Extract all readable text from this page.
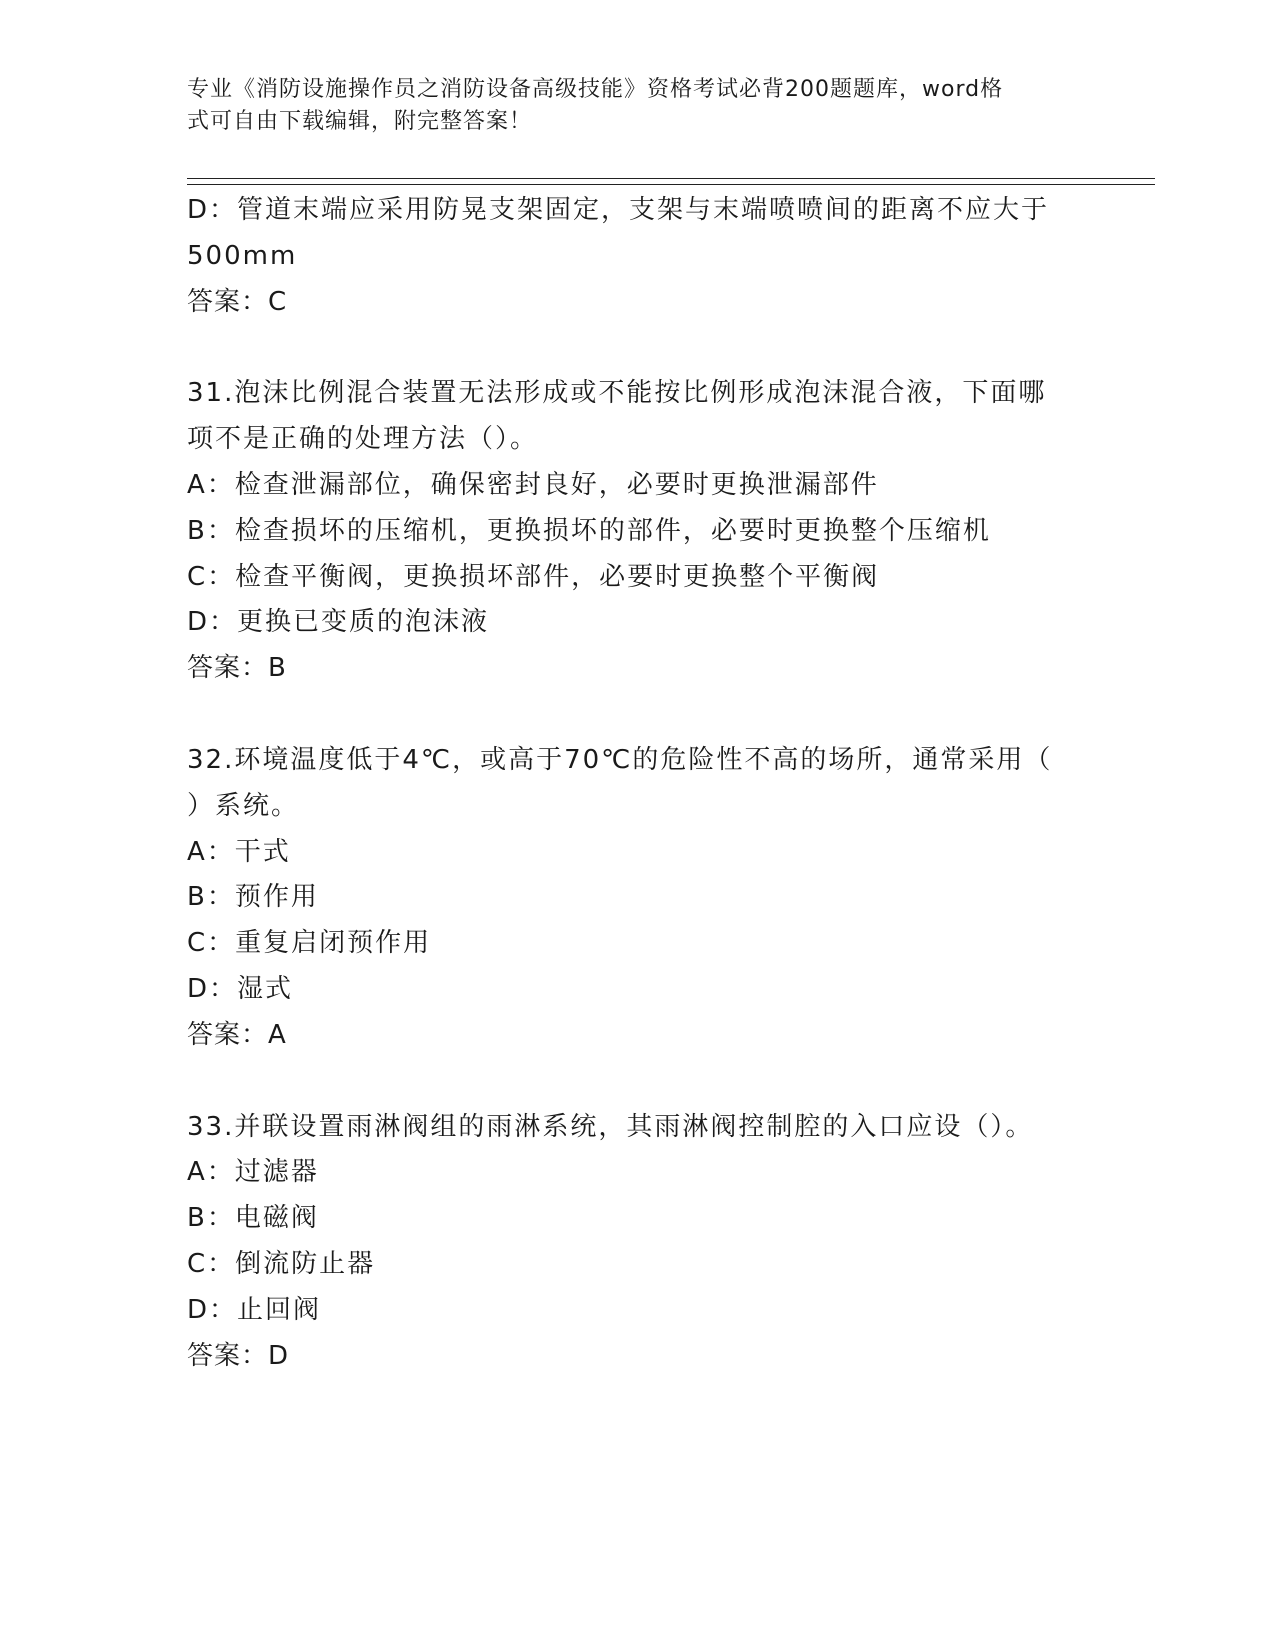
专业《消防设施操作员之消防设备高级技能》资格考试必背200题题库，word格
式可自由下载编辑，附完整答案！
D：管道末端应采用防晃支架固定，支架与末端喷喷间的距离不应大于
500mm
答案：C
31.泡沫比例混合装置无法形成或不能按比例形成泡沫混合液，下面哪
项不是正确的处理方法（）。
A：检查泄漏部位，确保密封良好，必要时更换泄漏部件
B：检查损坏的压缩机，更换损坏的部件，必要时更换整个压缩机
C：检查平衡阀，更换损坏部件，必要时更换整个平衡阀
D：更换已变质的泡沫液
答案：B
32.环境温度低于4℃，或高于70℃的危险性不高的场所，通常采用（
）系统。
A：干式
B：预作用
C：重复启闭预作用
D：湿式
答案：A
33.并联设置雨淋阀组的雨淋系统，其雨淋阀控制腔的入口应设（）。
A：过滤器
B：电磁阀
C：倒流防止器
D：止回阀
答案：D
